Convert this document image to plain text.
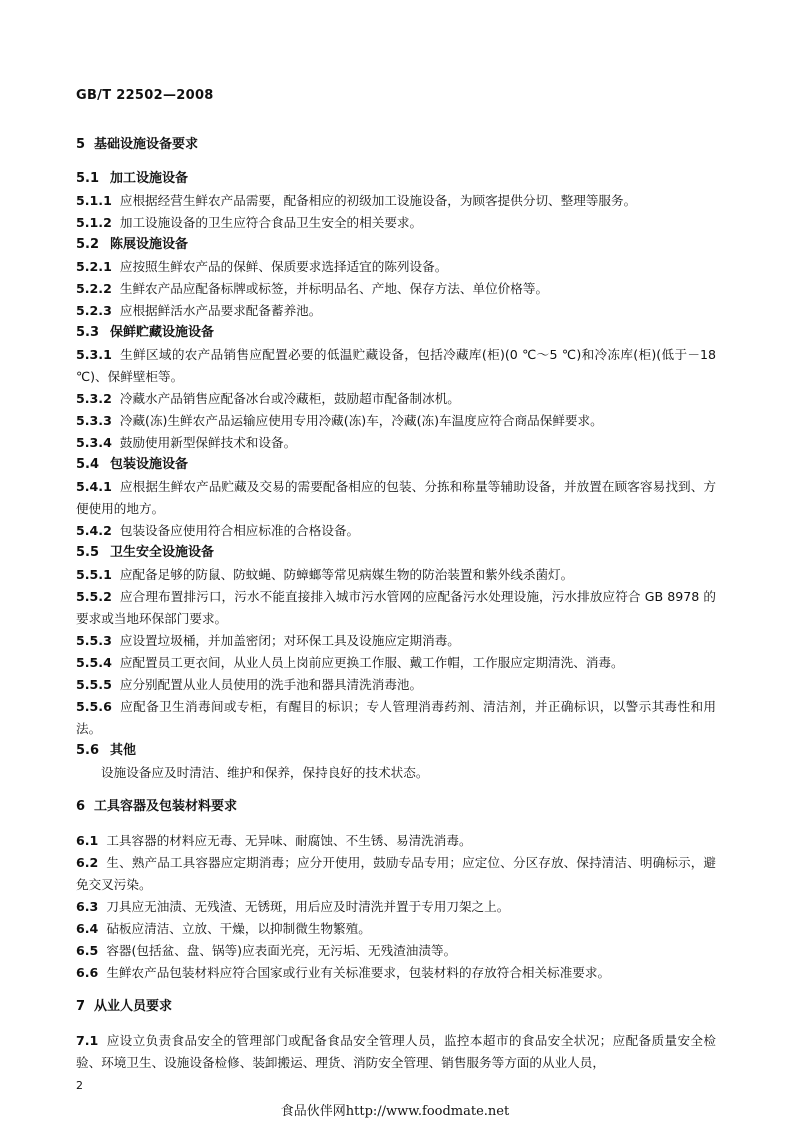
GB/T 22502—2008
5 基础设施设备要求
5.1 加工设施设备
5.1.1 应根据经营生鲜农产品需要，配备相应的初级加工设施设备，为顾客提供分切、整理等服务。
5.1.2 加工设施设备的卫生应符合食品卫生安全的相关要求。
5.2 陈展设施设备
5.2.1 应按照生鲜农产品的保鲜、保质要求选择适宜的陈列设备。
5.2.2 生鲜农产品应配备标牌或标签，并标明品名、产地、保存方法、单位价格等。
5.2.3 应根据鲜活水产品要求配备蓄养池。
5.3 保鲜贮藏设施设备
5.3.1 生鲜区域的农产品销售应配置必要的低温贮藏设备，包括冷藏库(柜)(0 ℃～5 ℃)和冷冻库(柜)(低于－18 ℃)、保鲜壁柜等。
5.3.2 冷藏水产品销售应配备冰台或冷藏柜，鼓励超市配备制冰机。
5.3.3 冷藏(冻)生鲜农产品运输应使用专用冷藏(冻)车，冷藏(冻)车温度应符合商品保鲜要求。
5.3.4 鼓励使用新型保鲜技术和设备。
5.4 包装设施设备
5.4.1 应根据生鲜农产品贮藏及交易的需要配备相应的包装、分拣和称量等辅助设备，并放置在顾客容易找到、方便使用的地方。
5.4.2 包装设备应使用符合相应标准的合格设备。
5.5 卫生安全设施设备
5.5.1 应配备足够的防鼠、防蚊蝇、防蟑螂等常见病媒生物的防治装置和紫外线杀菌灯。
5.5.2 应合理布置排污口，污水不能直接排入城市污水管网的应配备污水处理设施，污水排放应符合 GB 8978 的要求或当地环保部门要求。
5.5.3 应设置垃圾桶，并加盖密闭；对环保工具及设施应定期消毒。
5.5.4 应配置员工更衣间，从业人员上岗前应更换工作服、戴工作帽，工作服应定期清洗、消毒。
5.5.5 应分别配置从业人员使用的洗手池和器具清洗消毒池。
5.5.6 应配备卫生消毒间或专柜，有醒目的标识；专人管理消毒药剂、清洁剂，并正确标识，以警示其毒性和用法。
5.6 其他
设施设备应及时清洁、维护和保养，保持良好的技术状态。
6 工具容器及包装材料要求
6.1 工具容器的材料应无毒、无异味、耐腐蚀、不生锈、易清洗消毒。
6.2 生、熟产品工具容器应定期消毒；应分开使用，鼓励专品专用；应定位、分区存放、保持清洁、明确标示，避免交叉污染。
6.3 刀具应无油渍、无残渣、无锈斑，用后应及时清洗并置于专用刀架之上。
6.4 砧板应清洁、立放、干燥，以抑制微生物繁殖。
6.5 容器(包括盆、盘、锅等)应表面光亮，无污垢、无残渣油渍等。
6.6 生鲜农产品包装材料应符合国家或行业有关标准要求，包装材料的存放符合相关标准要求。
7 从业人员要求
7.1 应设立负责食品安全的管理部门或配备食品安全管理人员，监控本超市的食品安全状况；应配备质量安全检验、环境卫生、设施设备检修、装卸搬运、理货、消防安全管理、销售服务等方面的从业人员，
2
食品伙伴网http://www.foodmate.net
